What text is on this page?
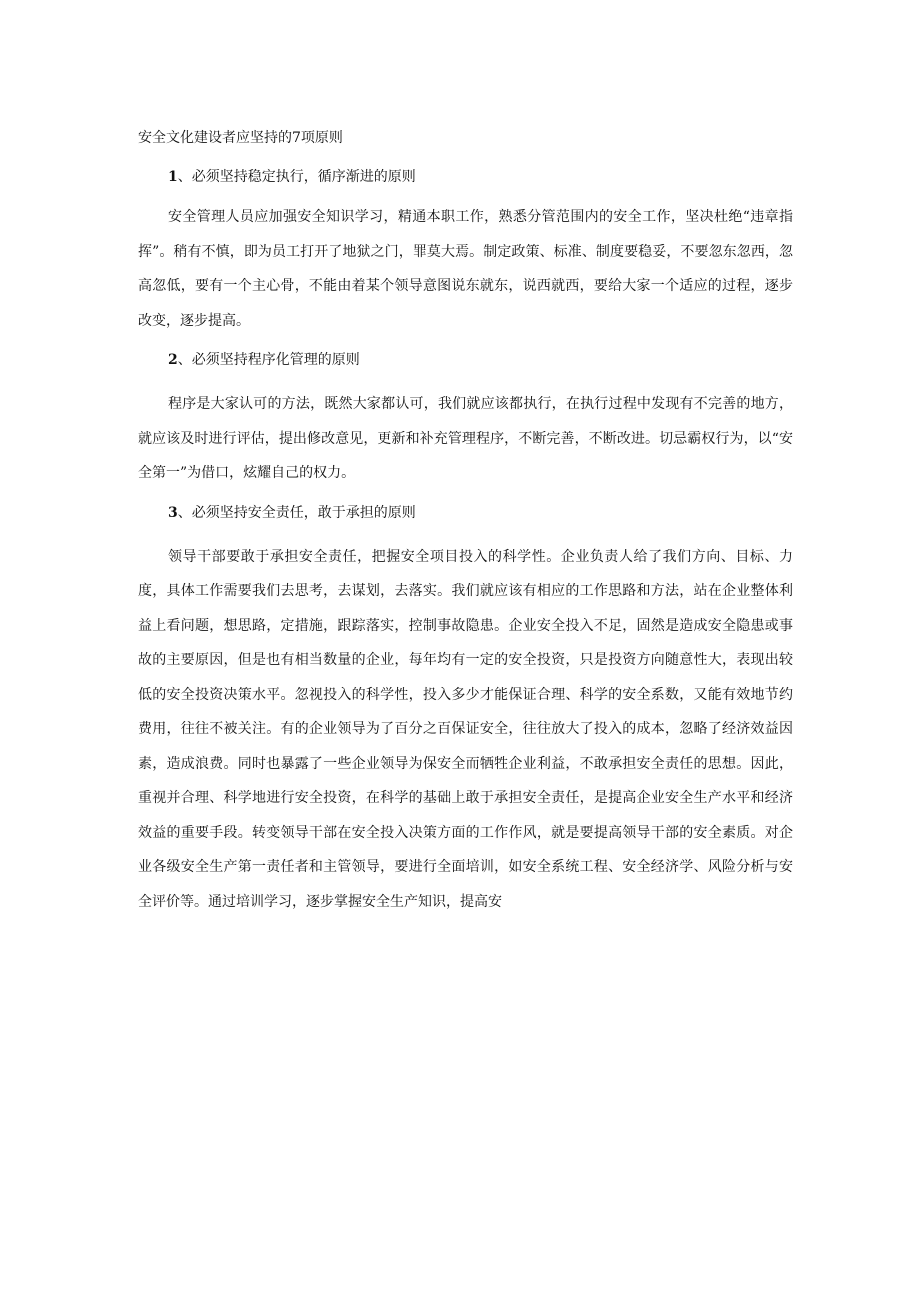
安全文化建设者应坚持的7项原则
1、必须坚持稳定执行，循序渐进的原则

安全管理人员应加强安全知识学习，精通本职工作，熟悉分管范围内的安全工作，坚决杜绝“违章指挥”。稍有不慎，即为员工打开了地狱之门，罪莫大焉。制定政策、标准、制度要稳妥，不要忽东忽西，忽高忽低，要有一个主心骨，不能由着某个领导意图说东就东，说西就西，要给大家一个适应的过程，逐步改变，逐步提高。

2、必须坚持程序化管理的原则

程序是大家认可的方法，既然大家都认可，我们就应该都执行，在执行过程中发现有不完善的地方，就应该及时进行评估，提出修改意见，更新和补充管理程序，不断完善，不断改进。切忌霸权行为，以“安全第一”为借口，炫耀自己的权力。

3、必须坚持安全责任，敢于承担的原则

领导干部要敢于承担安全责任，把握安全项目投入的科学性。企业负责人给了我们方向、目标、力度，具体工作需要我们去思考，去谋划，去落实。我们就应该有相应的工作思路和方法，站在企业整体利益上看问题，想思路，定措施，跟踪落实，控制事故隐患。企业安全投入不足，固然是造成安全隐患或事故的主要原因，但是也有相当数量的企业，每年均有一定的安全投资，只是投资方向随意性大，表现出较低的安全投资决策水平。忽视投入的科学性，投入多少才能保证合理、科学的安全系数，又能有效地节约费用，往往不被关注。有的企业领导为了百分之百保证安全，往往放大了投入的成本，忽略了经济效益因素，造成浪费。同时也暴露了一些企业领导为保安全而牺牲企业利益，不敢承担安全责任的思想。因此，重视并合理、科学地进行安全投资，在科学的基础上敢于承担安全责任，是提高企业安全生产水平和经济效益的重要手段。转变领导干部在安全投入决策方面的工作作风，就是要提高领导干部的安全素质。对企业各级安全生产第一责任者和主管领导，要进行全面培训，如安全系统工程、安全经济学、风险分析与安全评价等。通过培训学习，逐步掌握安全生产知识，提高安
